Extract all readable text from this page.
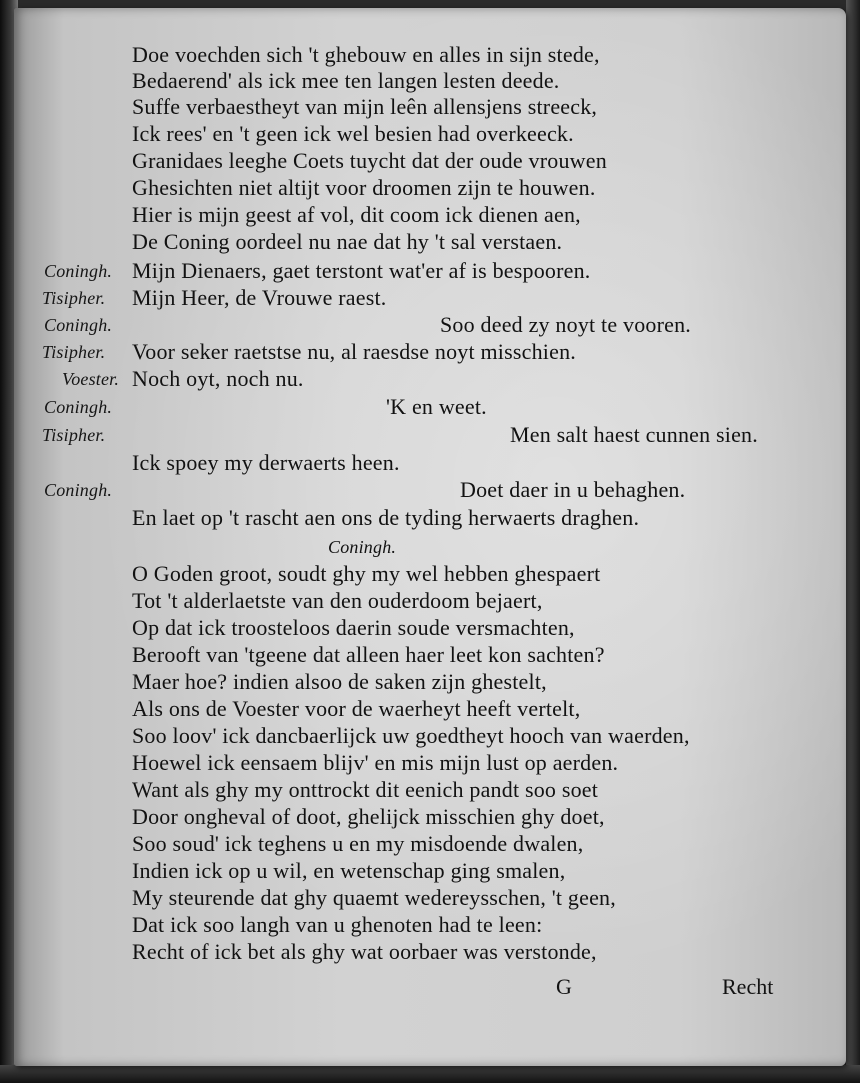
Doe voechden sich 't ghebouw en alles in sijn stede,
Bedaerend' als ick mee ten langen lesten deede.
Suffe verbaestheyt van mijn leên allensjens streeck,
Ick rees' en 't geen ick wel besien had overkeeck.
Granidaes leeghe Coets tuycht dat der oude vrouwen
Ghesichten niet altijt voor droomen zijn te houwen.
Hier is mijn geest af vol, dit coom ick dienen aen,
De Coning oordeel nu nae dat hy 't sal verstaen.
Coningh. Mijn Dienaers, gaet terstont wat'er af is bespooren.
Tisipher. Mijn Heer, de Vrouwe raest.
Coningh.	Soo deed zy noyt te vooren.
Tisipher. Voor seker raetstse nu, al raesdse noyt misschien.
Voester. Noch oyt, noch nu.
Coningh.	'K en weet.
Tisipher.	Men salt haest cunnen sien.
Ick spoey my derwaerts heen.
Coningh.	Doet daer in u behaghen.
En laet op 't rascht aen ons de tyding herwaerts draghen.
Coningh.
O Goden groot, soudt ghy my wel hebben ghespaert
Tot 't alderlaetste van den ouderdoom bejaert,
Op dat ick troosteloos daerin soude versmachten,
Berooft van 'tgeene dat alleen haer leet kon sachten?
Maer hoe? indien alsoo de saken zijn ghestelt,
Als ons de Voester voor de waerheyt heeft vertelt,
Soo loov' ick dancbaerlijck uw goedtheyt hooch van waerden,
Hoewel ick eensaem blijv' en mis mijn lust op aerden.
Want als ghy my onttrockt dit eenich pandt soo soet
Door ongheval of doot, ghelijck misschien ghy doet,
Soo soud' ick teghens u en my misdoende dwalen,
Indien ick op u wil, en wetenschap ging smalen,
My steurende dat ghy quaemt wedereysschen, 't geen,
Dat ick soo langh van u ghenoten had te leen:
Recht of ick bet als ghy wat oorbaer was verstonde,
G	Recht
